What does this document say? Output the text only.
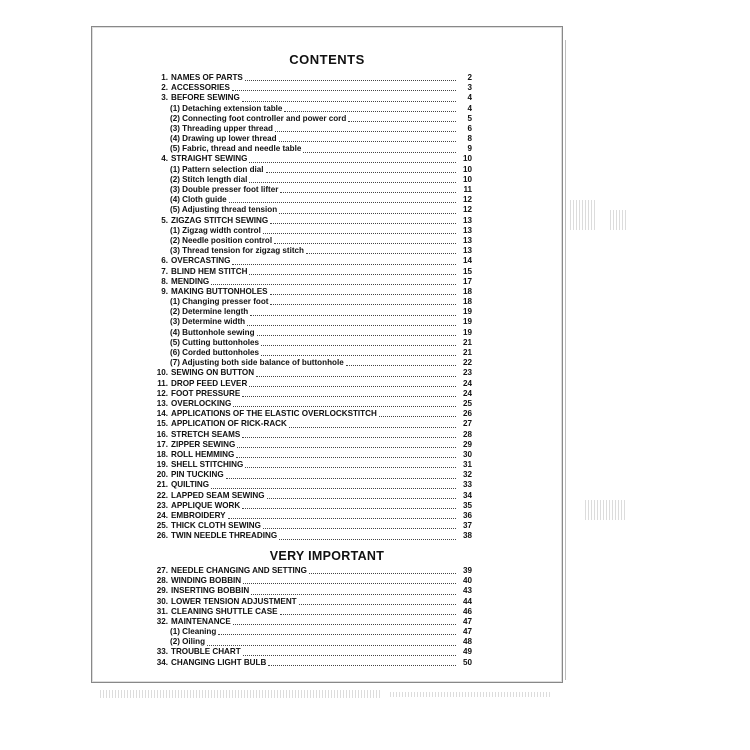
CONTENTS
1. NAMES OF PARTS	2
2. ACCESSORIES	3
3. BEFORE SEWING	4
(1) Detaching extension table	4
(2) Connecting foot controller and power cord	5
(3) Threading upper thread	6
(4) Drawing up lower thread	8
(5) Fabric, thread and needle table	9
4. STRAIGHT SEWING	10
(1) Pattern selection dial	10
(2) Stitch length dial	10
(3) Double presser foot lifter	11
(4) Cloth guide	12
(5) Adjusting thread tension	12
5. ZIGZAG STITCH SEWING	13
(1) Zigzag width control	13
(2) Needle position control	13
(3) Thread tension for zigzag stitch	13
6. OVERCASTING	14
7. BLIND HEM STITCH	15
8. MENDING	17
9. MAKING BUTTONHOLES	18
(1) Changing presser foot	18
(2) Determine length	19
(3) Determine width	19
(4) Buttonhole sewing	19
(5) Cutting buttonholes	21
(6) Corded buttonholes	21
(7) Adjusting both side balance of buttonhole	22
10. SEWING ON BUTTON	23
11. DROP FEED LEVER	24
12. FOOT PRESSURE	24
13. OVERLOCKING	25
14. APPLICATIONS OF THE ELASTIC OVERLOCKSTITCH	26
15. APPLICATION OF RICK-RACK	27
16. STRETCH SEAMS	28
17. ZIPPER SEWING	29
18. ROLL HEMMING	30
19. SHELL STITCHING	31
20. PIN TUCKING	32
21. QUILTING	33
22. LAPPED SEAM SEWING	34
23. APPLIQUE WORK	35
24. EMBROIDERY	36
25. THICK CLOTH SEWING	37
26. TWIN NEEDLE THREADING	38
VERY IMPORTANT
27. NEEDLE CHANGING AND SETTING	39
28. WINDING BOBBIN	40
29. INSERTING BOBBIN	43
30. LOWER TENSION ADJUSTMENT	44
31. CLEANING SHUTTLE CASE	46
32. MAINTENANCE	47
(1) Cleaning	47
(2) Oiling	48
33. TROUBLE CHART	49
34. CHANGING LIGHT BULB	50
